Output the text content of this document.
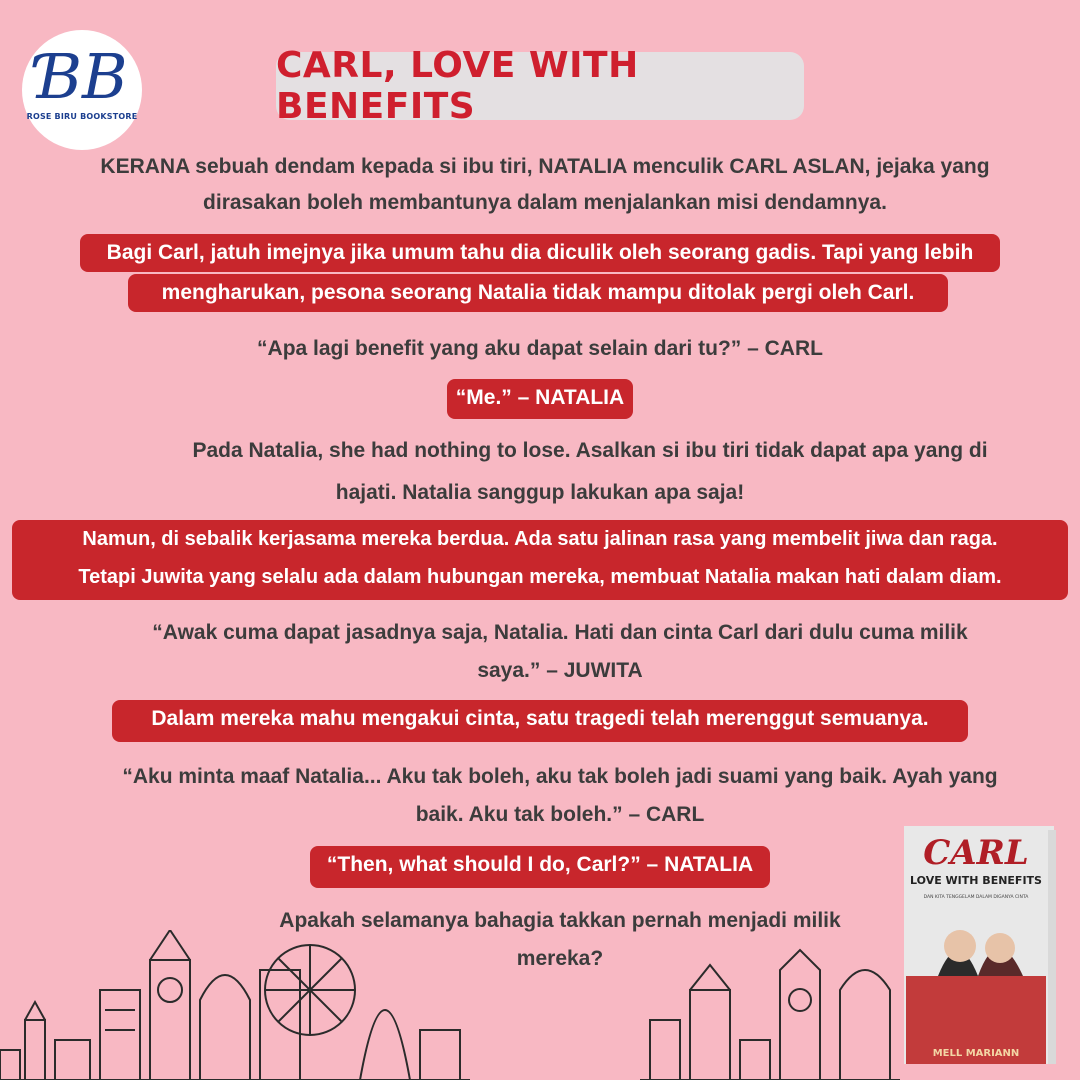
ƁB
ROSE BIRU BOOKSTORE
CARL, LOVE WITH BENEFITS
KERANA sebuah dendam kepada si ibu tiri, NATALIA menculik CARL ASLAN, jejaka yang
dirasakan boleh membantunya dalam menjalankan misi dendamnya.
Bagi Carl, jatuh imejnya jika umum tahu dia diculik oleh seorang gadis. Tapi yang lebih
mengharukan, pesona seorang Natalia tidak mampu ditolak pergi oleh Carl.
“Apa lagi benefit yang aku dapat selain dari tu?” – CARL
“Me.” – NATALIA
Pada Natalia, she had nothing to lose. Asalkan si ibu tiri tidak dapat apa yang di
hajati. Natalia sanggup lakukan apa saja!
Namun, di sebalik kerjasama mereka berdua. Ada satu jalinan rasa yang membelit jiwa dan raga.
Tetapi Juwita yang selalu ada dalam hubungan mereka, membuat Natalia makan hati dalam diam.
“Awak cuma dapat jasadnya saja, Natalia. Hati dan cinta Carl dari dulu cuma milik
saya.” – JUWITA
Dalam mereka mahu mengakui cinta, satu tragedi telah merenggut semuanya.
“Aku minta maaf Natalia... Aku tak boleh, aku tak boleh jadi suami yang baik. Ayah yang
baik. Aku tak boleh.” – CARL
“Then, what should I do, Carl?” – NATALIA
Apakah selamanya bahagia takkan pernah menjadi milik
mereka?
CARL
LOVE WITH BENEFITS
DAN KITA TENGGELAM DALAM DIGANYA CINTA
MELL MARIANN
